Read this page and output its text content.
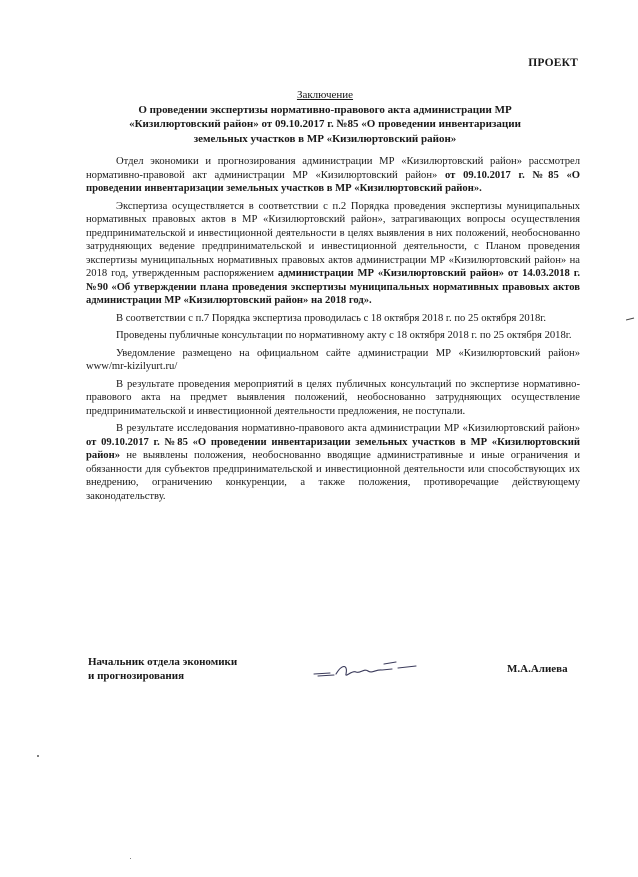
ПРОЕКТ
Заключение
О проведении экспертизы нормативно-правового акта администрации МР
«Кизилюртовский район» от 09.10.2017 г. №85 «О проведении инвентаризации
земельных участков в МР «Кизилюртовский район»

Отдел экономики и прогнозирования администрации МР «Кизилюртовский район» рассмотрел нормативно-правовой акт администрации МР «Кизилюртовский район» от 09.10.2017 г. №85 «О проведении инвентаризации земельных участков в МР «Кизилюртовский район».

Экспертиза осуществляется в соответствии с п.2 Порядка проведения экспертизы муниципальных нормативных правовых актов в МР «Кизилюртовский район», затрагивающих вопросы осуществления предпринимательской и инвестиционной деятельности в целях выявления в них положений, необоснованно затрудняющих ведение предпринимательской и инвестиционной деятельности, с Планом проведения экспертизы муниципальных нормативных правовых актов администрации МР «Кизилюртовский район» на 2018 год, утвержденным распоряжением администрации МР «Кизилюртовский район» от 14.03.2018 г. №90 «Об утверждении плана проведения экспертизы муниципальных нормативных правовых актов администрации МР «Кизилюртовский район» на 2018 год».

В соответствии с п.7 Порядка экспертиза проводилась с 18 октября 2018 г. по 25 октября 2018г.

Проведены публичные консультации по нормативному акту с 18 октября 2018 г. по 25 октября 2018г.

Уведомление размещено на официальном сайте администрации МР «Кизилюртовский район» www/mr-kizilyurt.ru/

В результате проведения мероприятий в целях публичных консультаций по экспертизе нормативно-правового акта на предмет выявления положений, необоснованно затрудняющих осуществление предпринимательской и инвестиционной деятельности предложения, не поступали.

В результате исследования нормативно-правового акта администрации МР «Кизилюртовский район» от 09.10.2017 г. №85 «О проведении инвентаризации земельных участков в МР «Кизилюртовский район» не выявлены положения, необоснованно вводящие административные и иные ограничения и обязанности для субъектов предпринимательской и инвестиционной деятельности или способствующих их внедрению, ограничению конкуренции, а также положения, противоречащие действующему законодательству.

Начальник отдела экономики
и прогнозирования
М.А.Алиева
